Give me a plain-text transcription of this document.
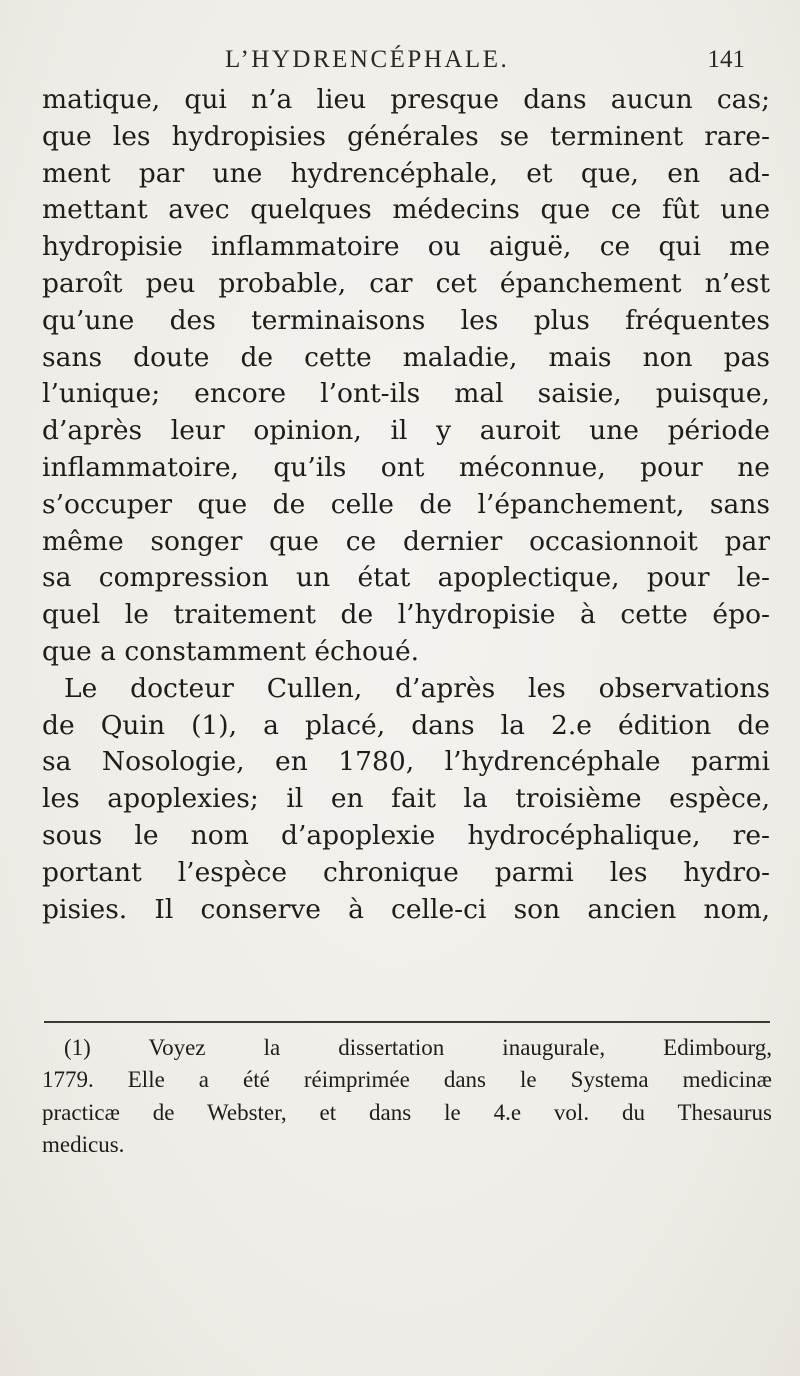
L’HYDRENCÉPHALE.	141
matique, qui n’a lieu presque dans aucun cas;
que les hydropisies générales se terminent rare-
ment par une hydrencéphale, et que, en ad-
mettant avec quelques médecins que ce fût une
hydropisie inflammatoire ou aiguë, ce qui me
paroît peu probable, car cet épanchement n’est
qu’une des terminaisons les plus fréquentes
sans doute de cette maladie, mais non pas
l’unique; encore l’ont-ils mal saisie, puisque,
d’après leur opinion, il y auroit une période
inflammatoire, qu’ils ont méconnue, pour ne
s’occuper que de celle de l’épanchement, sans
même songer que ce dernier occasionnoit par
sa compression un état apoplectique, pour le-
quel le traitement de l’hydropisie à cette épo-
que a constamment échoué.
Le docteur Cullen, d’après les observations
de Quin (1), a placé, dans la 2.e édition de
sa Nosologie, en 1780, l’hydrencéphale parmi
les apoplexies; il en fait la troisième espèce,
sous le nom d’apoplexie hydrocéphalique, re-
portant l’espèce chronique parmi les hydro-
pisies. Il conserve à celle-ci son ancien nom,
(1) Voyez la dissertation inaugurale, Edimbourg,
1779. Elle a été réimprimée dans le Systema medicinæ
practicæ de Webster, et dans le 4.e vol. du Thesaurus
medicus.
